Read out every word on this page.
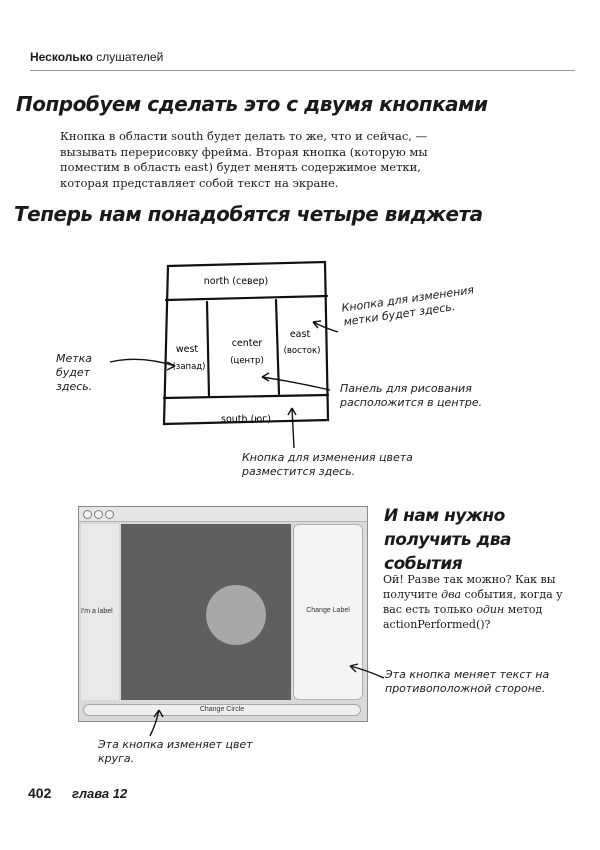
Несколько слушателей
Попробуем сделать это с двумя кнопками
Кнопка в области south будет делать то же, что и сейчас, — вызывать перерисовку фрейма. Вторая кнопка (которую мы поместим в область east) будет менять содержимое метки, которая представляет собой текст на экране.
Теперь нам понадобятся четыре виджета
north (север)
west
(запад)
center
(центр)
east
(восток)
south (юг)
Кнопка для изменения метки будет здесь.
Метка будет здесь.	Панель для рисования расположится в центре.
Кнопка для изменения цвета разместится здесь.
I'm a label	Change Label
Change Circle
И нам нужно получить два события
Ой! Разве так можно? Как вы получите два события, когда у вас есть только один метод actionPerformed()?
Эта кнопка меняет текст на противоположной стороне.
Эта кнопка изменяет цвет круга.
402 глава 12
